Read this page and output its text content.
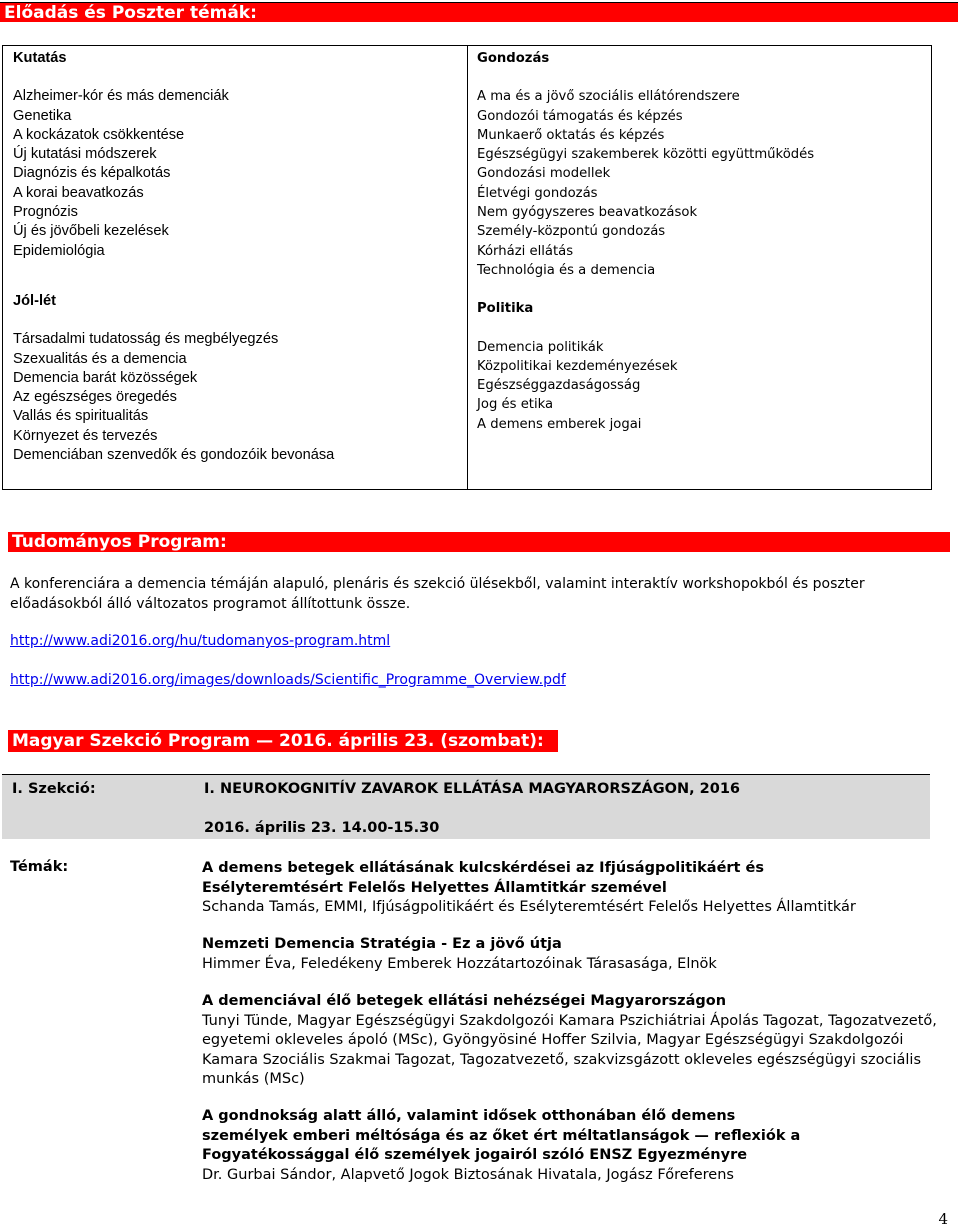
Előadás és Poszter témák:
Kutatás
Alzheimer-kór és más demenciák
Genetika
A kockázatok csökkentése
Új kutatási módszerek
Diagnózis és képalkotás
A korai beavatkozás
Prognózis
Új és jövőbeli kezelések
Epidemiológia
Jól-lét
Társadalmi tudatosság és megbélyegzés
Szexualitás és a demencia
Demencia barát közösségek
Az egészséges öregedés
Vallás és spiritualitás
Környezet és tervezés
Demenciában szenvedők és gondozóik bevonása
Gondozás
A ma és a jövő szociális ellátórendszere
Gondozói támogatás és képzés
Munkaerő oktatás és képzés
Egészségügyi szakemberek közötti együttműködés
Gondozási modellek
Életvégi gondozás
Nem gyógyszeres beavatkozások
Személy-központú gondozás
Kórházi ellátás
Technológia és a demencia
Politika
Demencia politikák
Közpolitikai kezdeményezések
Egészséggazdaságosság
Jog és etika
A demens emberek jogai
Tudományos Program:
A konferenciára a demencia témáján alapuló, plenáris és szekció ülésekből, valamint interaktív workshopokból és poszter
előadásokból álló változatos programot állítottunk össze.
http://www.adi2016.org/hu/tudomanyos-program.html
http://www.adi2016.org/images/downloads/Scientific_Programme_Overview.pdf
Magyar Szekció Program — 2016. április 23. (szombat):
I. Szekció:	I. NEUROKOGNITÍV ZAVAROK ELLÁTÁSA MAGYARORSZÁGON, 2016
2016. április 23. 14.00-15.30
Témák:	A demens betegek ellátásának kulcskérdései az Ifjúságpolitikáért és
Esélyteremtésért Felelős Helyettes Államtitkár szemével
Schanda Tamás, EMMI, Ifjúságpolitikáért és Esélyteremtésért Felelős Helyettes Államtitkár
Nemzeti Demencia Stratégia - Ez a jövő útja
Himmer Éva, Feledékeny Emberek Hozzátartozóinak Tárasasága, Elnök
A demenciával élő betegek ellátási nehézségei Magyarországon
Tunyi Tünde, Magyar Egészségügyi Szakdolgozói Kamara Pszichiátriai Ápolás Tagozat, Tagozatvezető,
egyetemi okleveles ápoló (MSc), Gyöngyösiné Hoffer Szilvia, Magyar Egészségügyi Szakdolgozói
Kamara Szociális Szakmai Tagozat, Tagozatvezető, szakvizsgázott okleveles egészségügyi szociális
munkás (MSc)
A gondnokság alatt álló, valamint idősek otthonában élő demens
személyek emberi méltósága és az őket ért méltatlanságok — reflexiók a
Fogyatékossággal élő személyek jogairól szóló ENSZ Egyezményre
Dr. Gurbai Sándor, Alapvető Jogok Biztosának Hivatala, Jogász Főreferens
4
